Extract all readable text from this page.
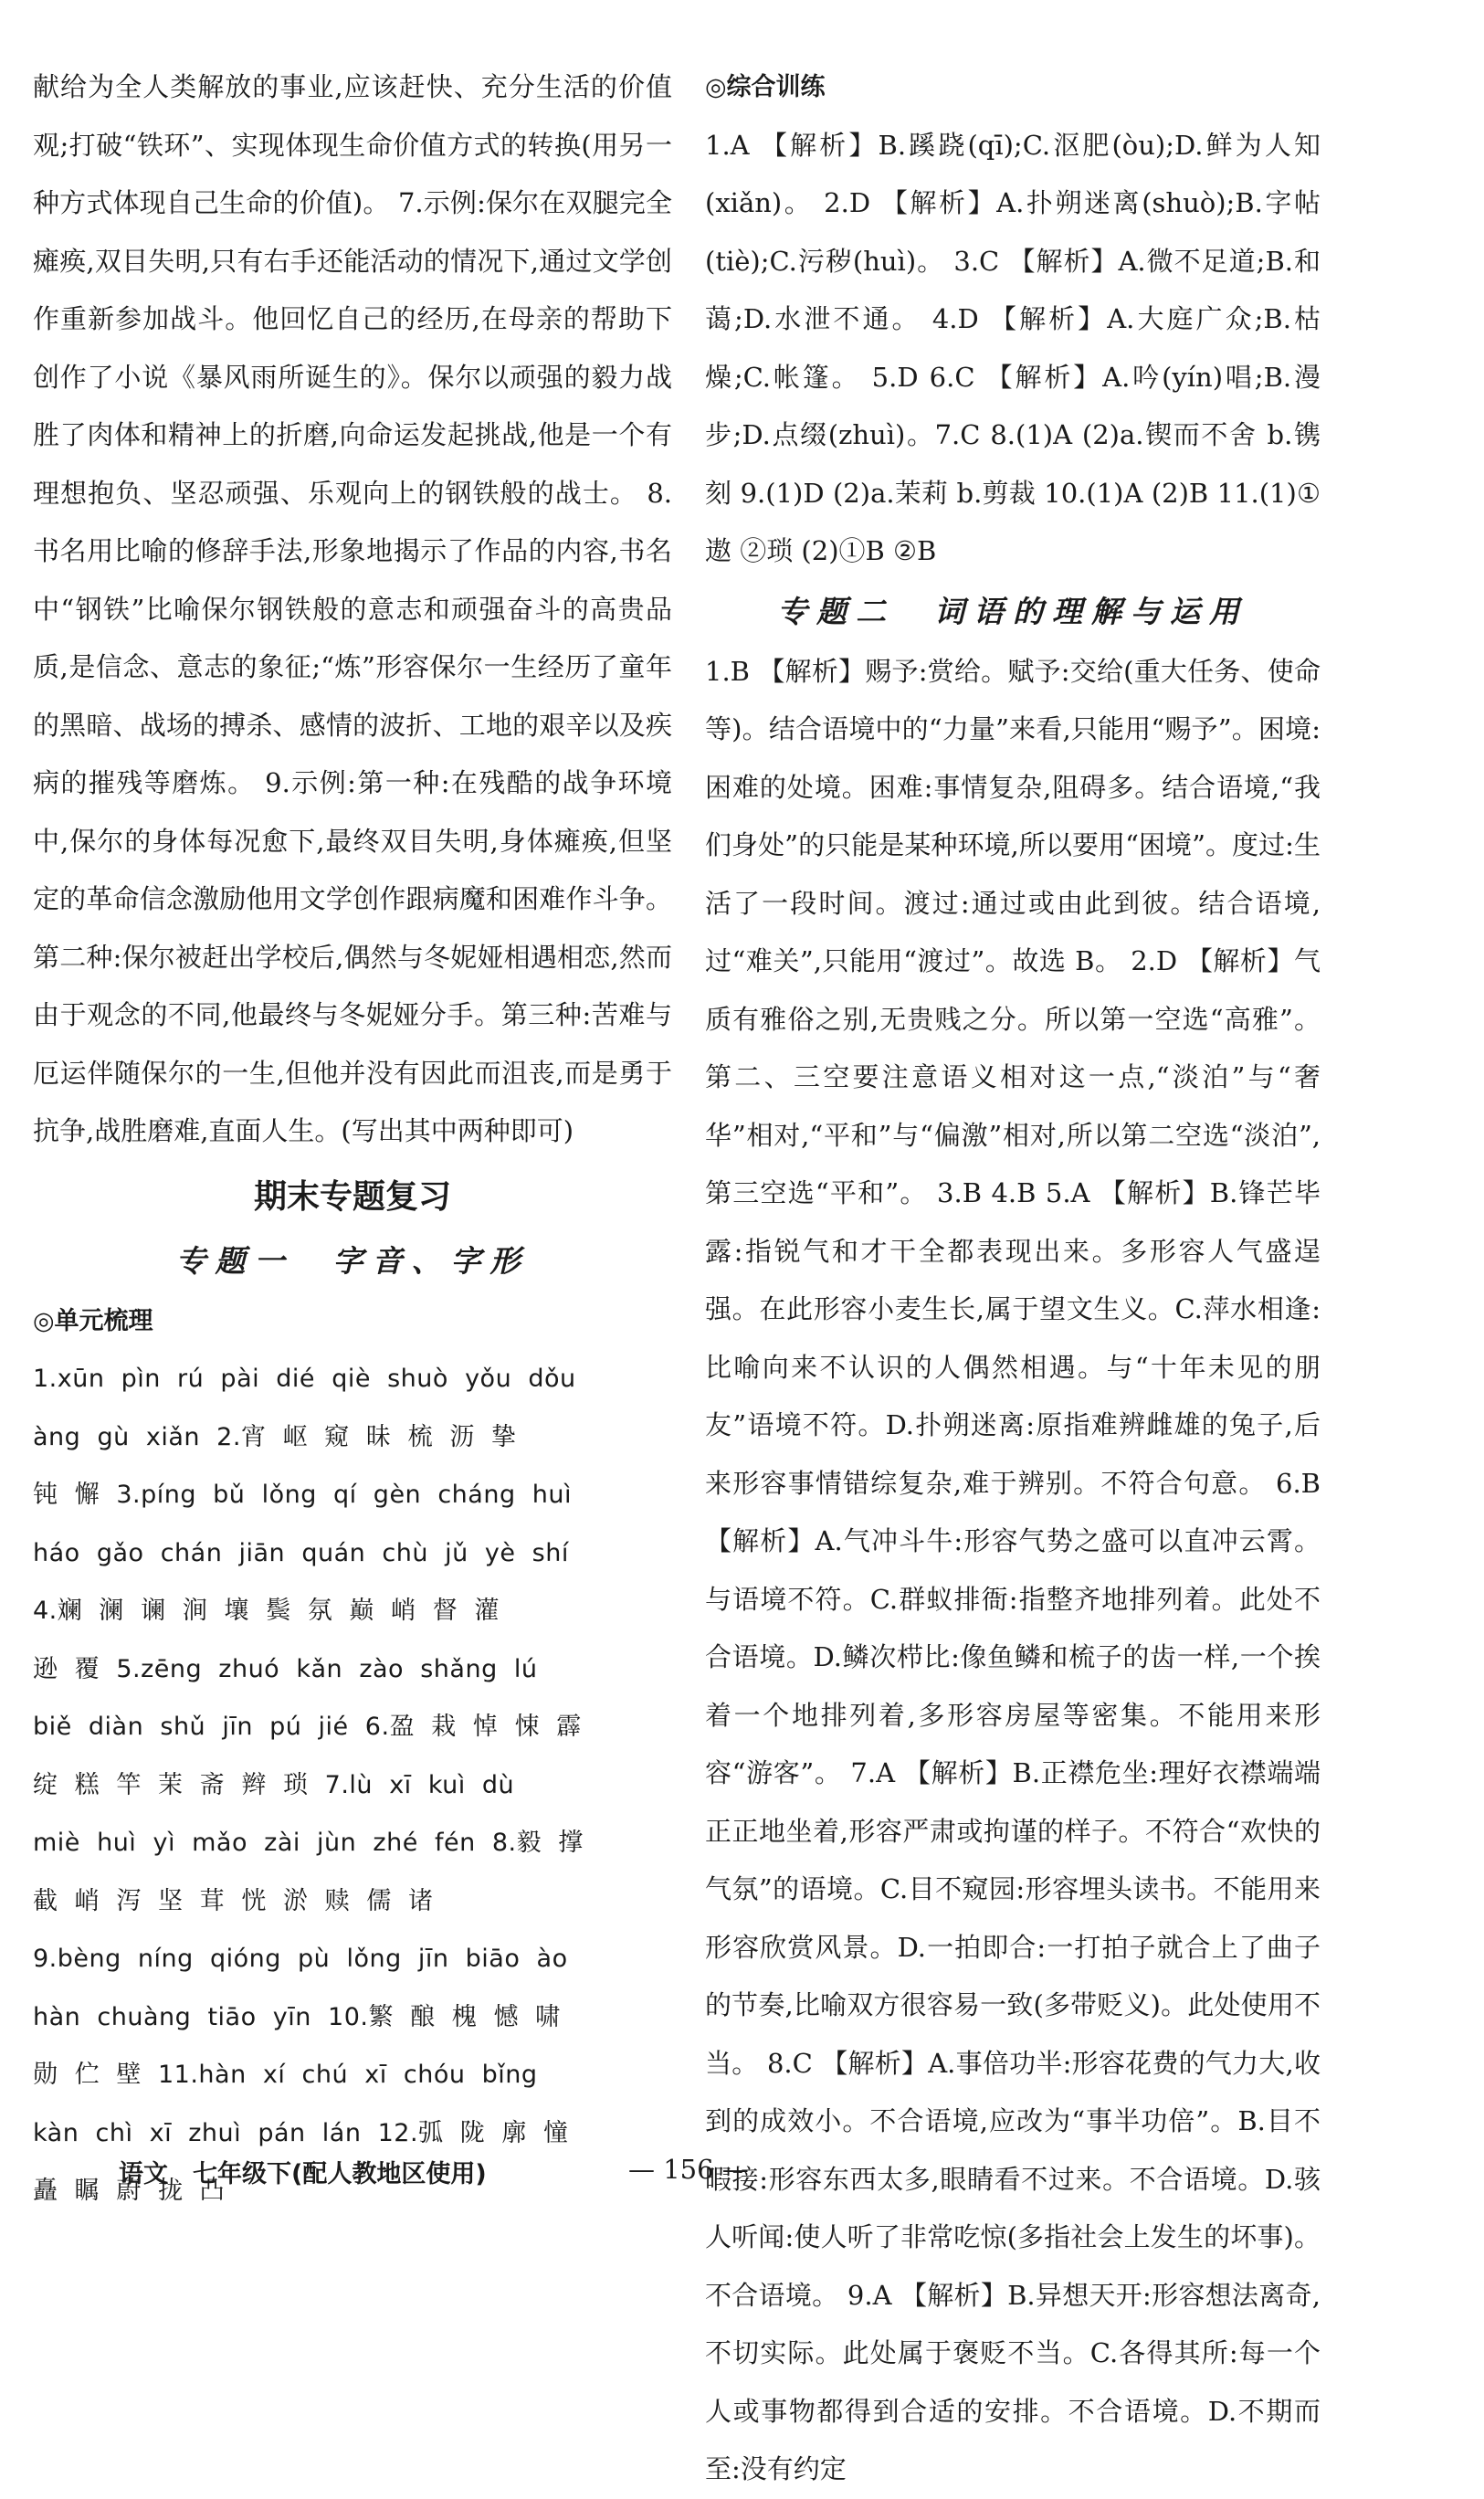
献给为全人类解放的事业,应该赶快、充分生活的价值观;打破“铁环”、实现体现生命价值方式的转换(用另一种方式体现自己生命的价值)。 7.示例:保尔在双腿完全瘫痪,双目失明,只有右手还能活动的情况下,通过文学创作重新参加战斗。他回忆自己的经历,在母亲的帮助下创作了小说《暴风雨所诞生的》。保尔以顽强的毅力战胜了肉体和精神上的折磨,向命运发起挑战,他是一个有理想抱负、坚忍顽强、乐观向上的钢铁般的战士。 8.书名用比喻的修辞手法,形象地揭示了作品的内容,书名中“钢铁”比喻保尔钢铁般的意志和顽强奋斗的高贵品质,是信念、意志的象征;“炼”形容保尔一生经历了童年的黑暗、战场的搏杀、感情的波折、工地的艰辛以及疾病的摧残等磨炼。 9.示例:第一种:在残酷的战争环境中,保尔的身体每况愈下,最终双目失明,身体瘫痪,但坚定的革命信念激励他用文学创作跟病魔和困难作斗争。第二种:保尔被赶出学校后,偶然与冬妮娅相遇相恋,然而由于观念的不同,他最终与冬妮娅分手。第三种:苦难与厄运伴随保尔的一生,但他并没有因此而沮丧,而是勇于抗争,战胜磨难,直面人生。(写出其中两种即可)

期末专题复习
专题一　字音、字形
◎单元梳理
1.xūn  pìn  rú  pài  dié  qiè  shuò  yǒu  dǒu
àng  gù  xiǎn  2.宵  岖  窥  昧  梳  沥  挚
钝  懈  3.píng  bǔ  lǒng  qí  gèn  cháng  huì
háo  gǎo  chán  jiān  quán  chù  jǔ  yè  shí
4.斓  澜  谰  涧  壤  鬓  氛  巅  峭  督  灌
逊  覆  5.zēng  zhuó  kǎn  zào  shǎng  lú
biě  diàn  shǔ  jīn  pú  jié  6.盈  栽  悼  悚  霹
绽  糕  竿  茉  斋  辫  琐  7.lù  xī  kuì  dù
miè  huì  yì  mǎo  zài  jùn  zhé  fén  8.毅  撑
截  峭  泻  坚  茸  恍  淤  赎  儒  诸
9.bèng  níng  qióng  pù  lǒng  jīn  biāo  ào
hàn  chuàng  tiāo  yīn  10.繁  酿  槐  憾  啸
勋  伫  壁  11.hàn  xí  chú  xī  chóu  bǐng
kàn  chì  xī  zhuì  pán  lán  12.弧  陇  廓  憧
矗  瞩  蔚  拢  凸
◎综合训练

1.A 【解析】B.蹊跷(qī);C.沤肥(òu);D.鲜为人知(xiǎn)。 2.D 【解析】A.扑朔迷离(shuò);B.字帖(tiè);C.污秽(huì)。 3.C 【解析】A.微不足道;B.和蔼;D.水泄不通。 4.D 【解析】A.大庭广众;B.枯燥;C.帐篷。 5.D 6.C 【解析】A.吟(yín)唱;B.漫步;D.点缀(zhuì)。7.C 8.(1)A (2)a.锲而不舍 b.镌刻 9.(1)D (2)a.茉莉 b.剪裁 10.(1)A (2)B 11.(1)①遨 ②琐 (2)①B ②B

专题二　词语的理解与运用

1.B 【解析】赐予:赏给。赋予:交给(重大任务、使命等)。结合语境中的“力量”来看,只能用“赐予”。困境:困难的处境。困难:事情复杂,阻碍多。结合语境,“我们身处”的只能是某种环境,所以要用“困境”。度过:生活了一段时间。渡过:通过或由此到彼。结合语境,过“难关”,只能用“渡过”。故选 B。 2.D 【解析】气质有雅俗之别,无贵贱之分。所以第一空选“高雅”。第二、三空要注意语义相对这一点,“淡泊”与“奢华”相对,“平和”与“偏激”相对,所以第二空选“淡泊”,第三空选“平和”。 3.B 4.B 5.A 【解析】B.锋芒毕露:指锐气和才干全都表现出来。多形容人气盛逞强。在此形容小麦生长,属于望文生义。C.萍水相逢:比喻向来不认识的人偶然相遇。与“十年未见的朋友”语境不符。D.扑朔迷离:原指难辨雌雄的兔子,后来形容事情错综复杂,难于辨别。不符合句意。 6.B 【解析】A.气冲斗牛:形容气势之盛可以直冲云霄。与语境不符。C.群蚁排衙:指整齐地排列着。此处不合语境。D.鳞次栉比:像鱼鳞和梳子的齿一样,一个挨着一个地排列着,多形容房屋等密集。不能用来形容“游客”。 7.A 【解析】B.正襟危坐:理好衣襟端端正正地坐着,形容严肃或拘谨的样子。不符合“欢快的气氛”的语境。C.目不窥园:形容埋头读书。不能用来形容欣赏风景。D.一拍即合:一打拍子就合上了曲子的节奏,比喻双方很容易一致(多带贬义)。此处使用不当。 8.C 【解析】A.事倍功半:形容花费的气力大,收到的成效小。不合语境,应改为“事半功倍”。B.目不暇接:形容东西太多,眼睛看不过来。不合语境。D.骇人听闻:使人听了非常吃惊(多指社会上发生的坏事)。不合语境。 9.A 【解析】B.异想天开:形容想法离奇,不切实际。此处属于褒贬不当。C.各得其所:每一个人或事物都得到合适的安排。不合语境。D.不期而至:没有约定

语文　七年级下(配人教地区使用)	— 156 —
